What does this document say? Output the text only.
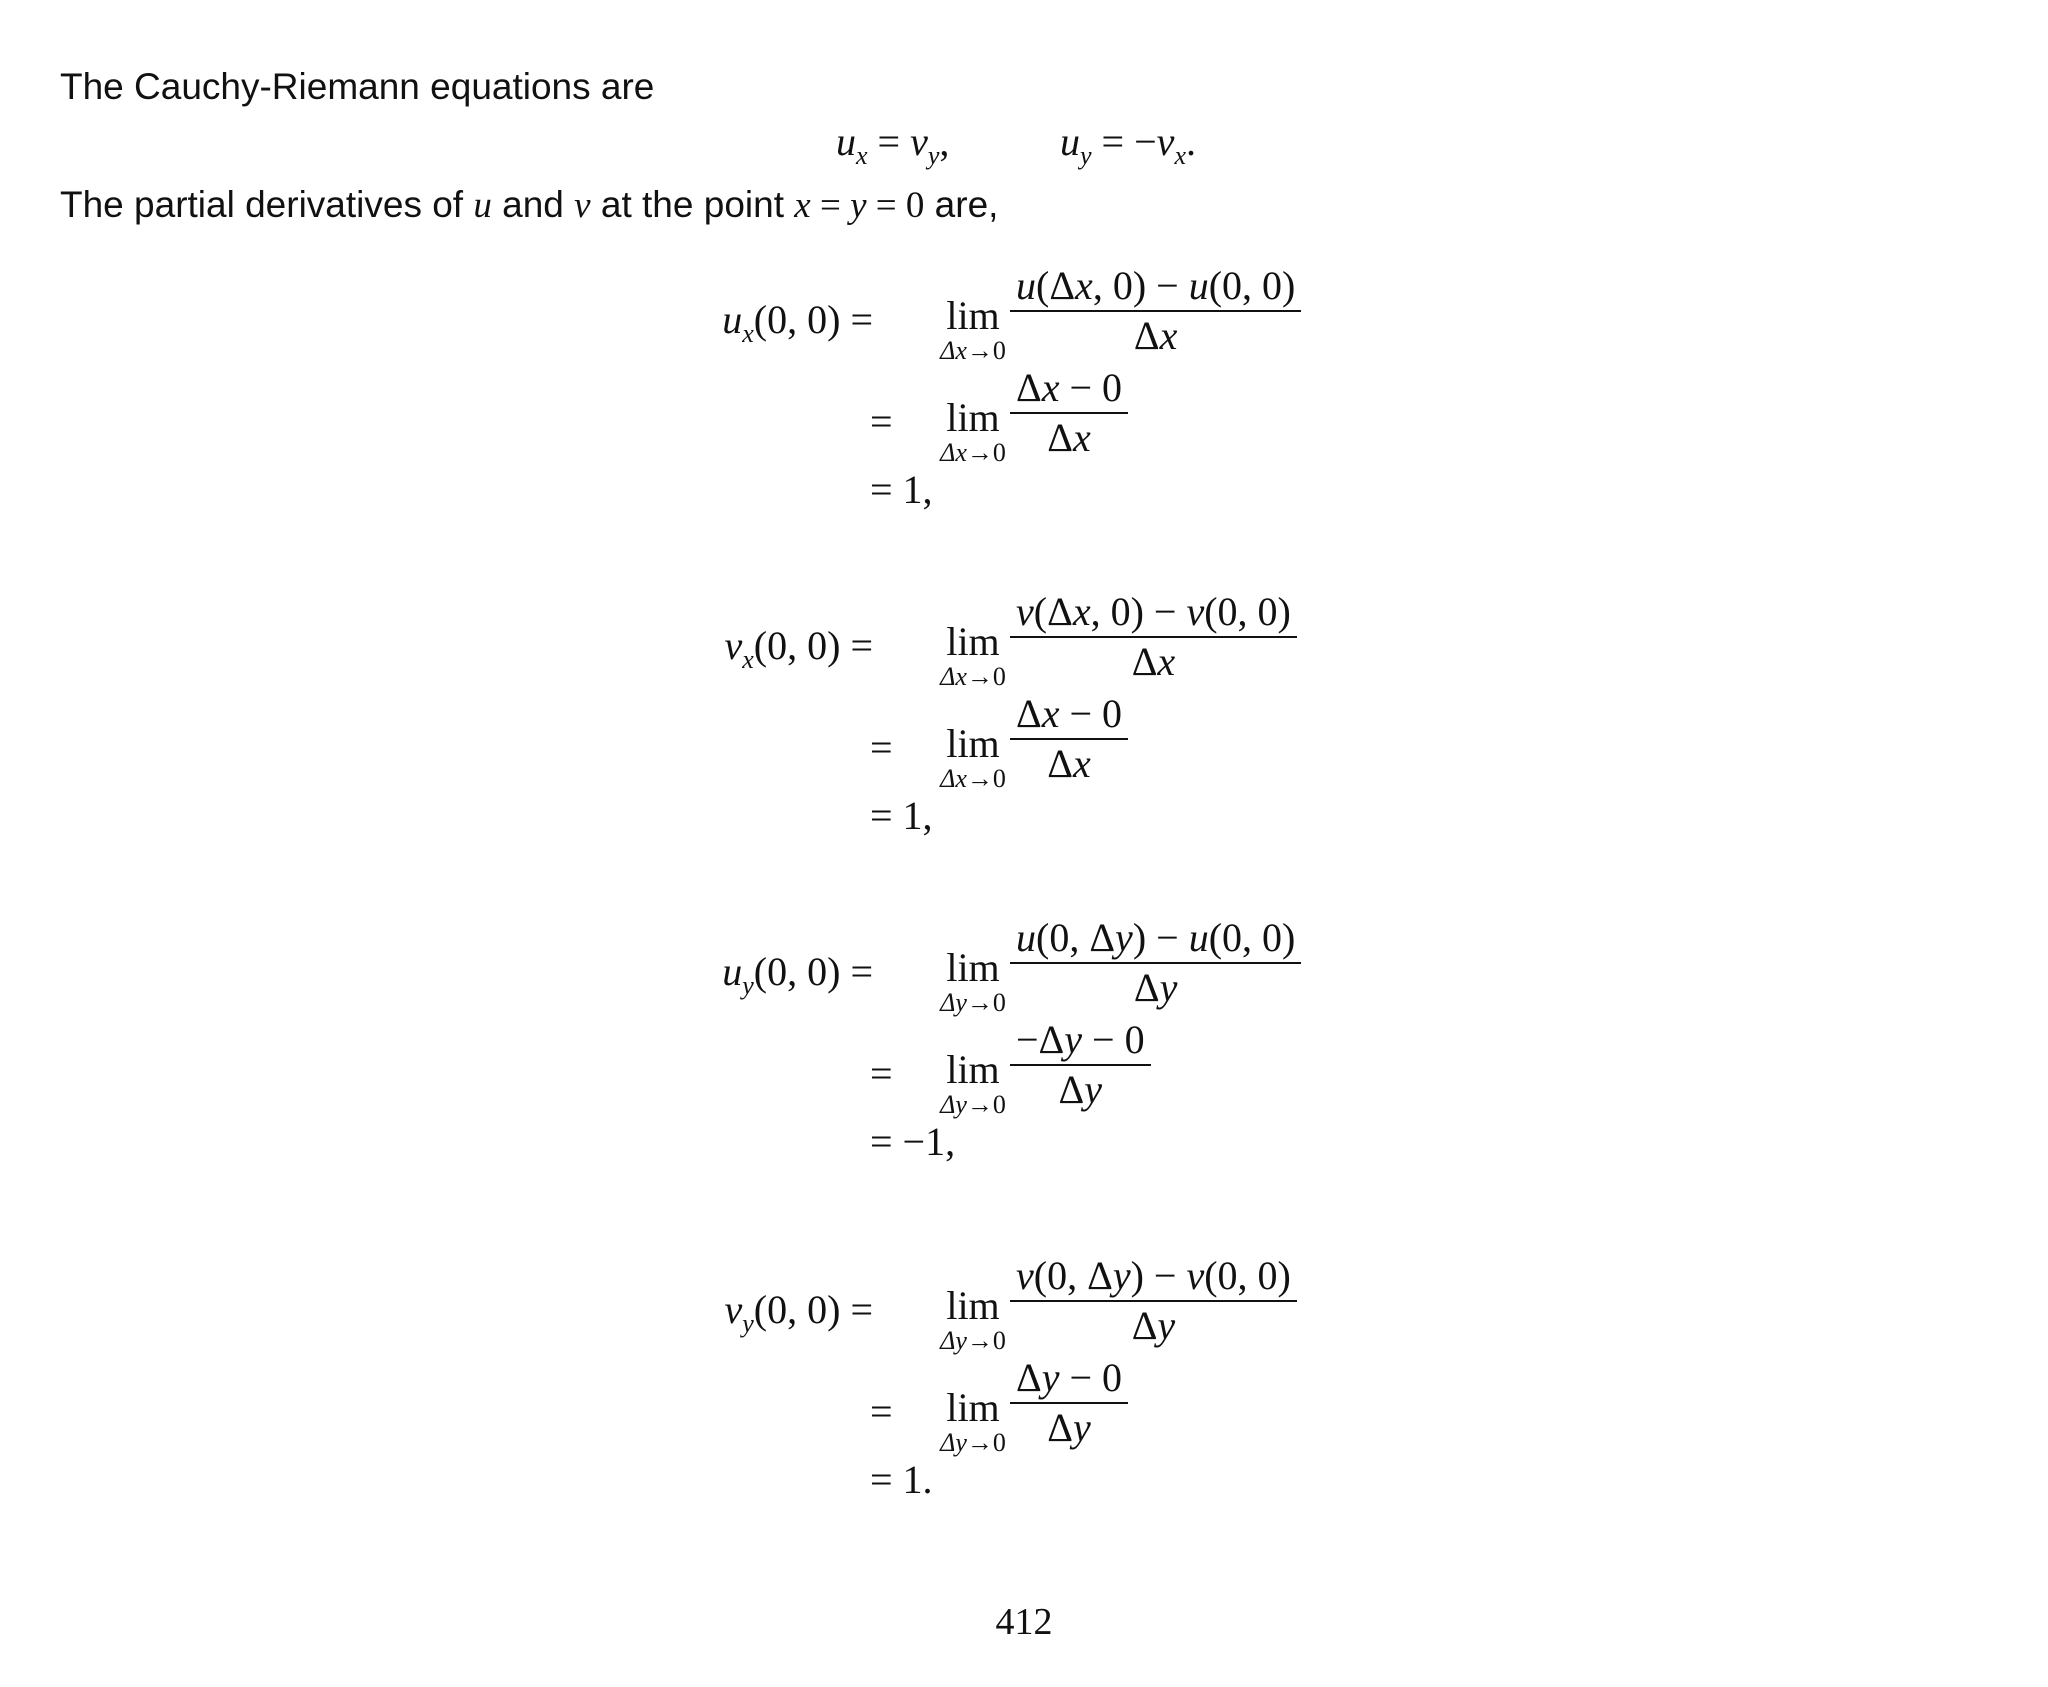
The Cauchy-Riemann equations are
$u_x = v_y$,	$u_y = -v_x$.
The partial derivatives of u and v at the point x = y = 0 are,
$u_x(0$, 0) =	lim
Δx→0
u(Δx, 0) − u(0, 0)
Δx
=	lim
Δx→0
Δx − 0
Δx
= 1,
$v_x(0$, 0) =	lim
Δx→0
v(Δx, 0) − v(0, 0)
Δx
=	lim
Δx→0
Δx − 0
Δx
= 1,
$u_y(0$, 0) =	lim
Δy→0
u(0, Δy) − u(0, 0)
Δy
=	lim
Δy→0
−Δy − 0
Δy
= −1,
$v_y(0$, 0) =	lim
Δy→0
v(0, Δy) − v(0, 0)
Δy
=	lim
Δy→0
Δy − 0
Δy
= 1.
412
